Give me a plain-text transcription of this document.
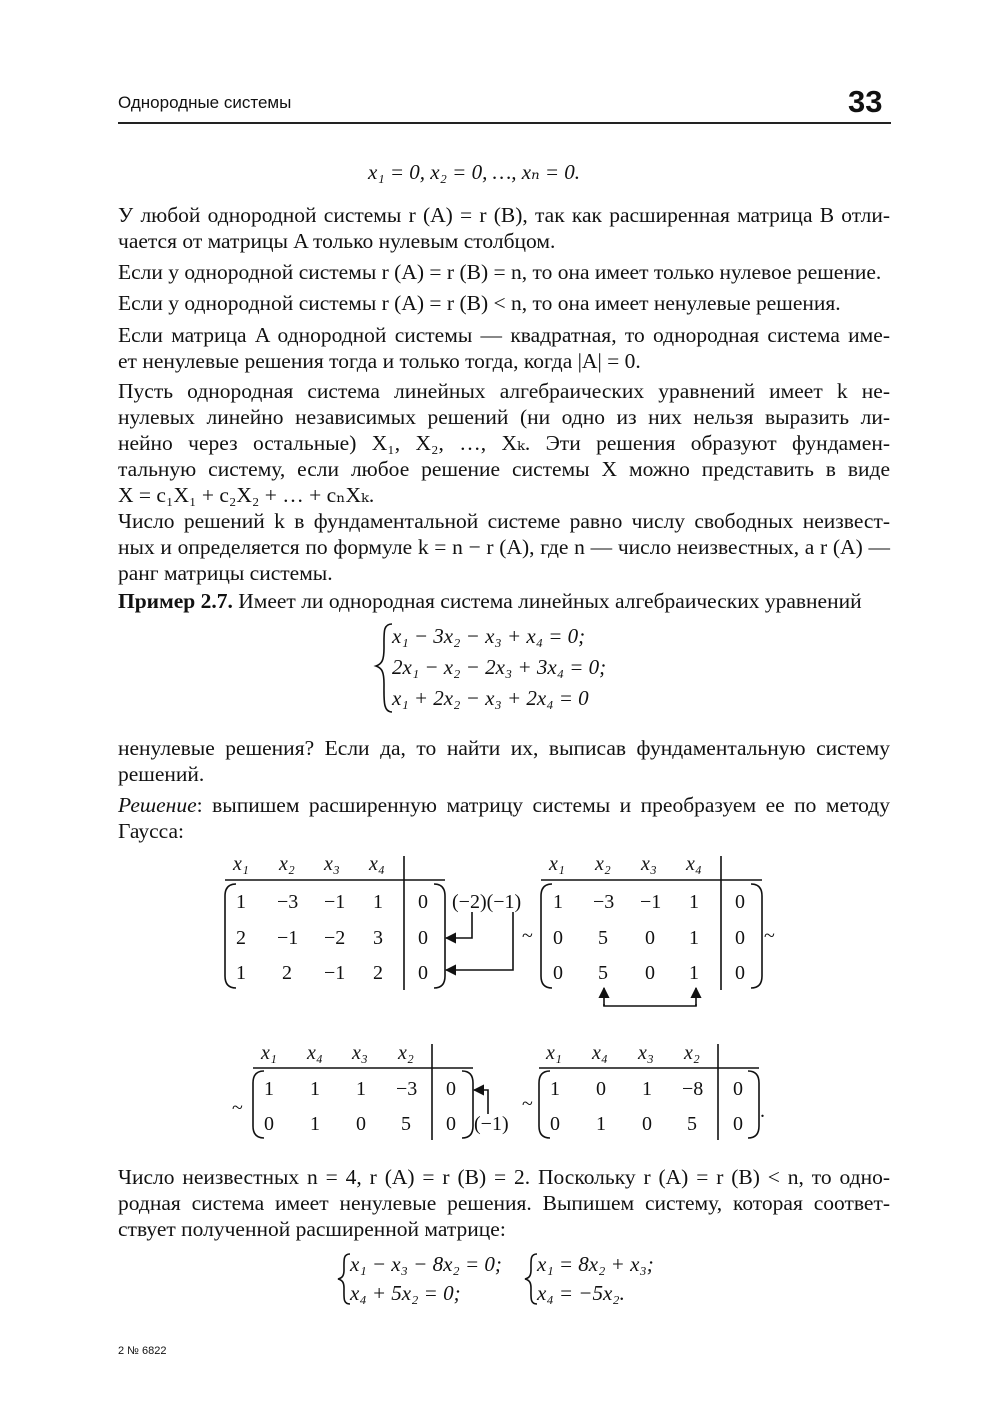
Однородные системы	33
x₁ = 0, x₂ = 0, …, xₙ = 0.
У любой однородной системы r (A) = r (B), так как расширенная матрица B отли-
чается от матрицы A только нулевым столбцом.
Если у однородной системы r (A) = r (B) = n, то она имеет только нулевое решение.
Если у однородной системы r (A) = r (B) < n, то она имеет ненулевые решения.
Если матрица A однородной системы — квадратная, то однородная система име-
ет ненулевые решения тогда и только тогда, когда |A| = 0.
Пусть однородная система линейных алгебраических уравнений имеет k не-
нулевых линейно независимых решений (ни одно из них нельзя выразить ли-
нейно через остальные) X₁, X₂, …, Xₖ. Эти решения образуют фундамен-
тальную систему, если любое решение системы X можно представить в виде
X = c₁X₁ + c₂X₂ + … + cₙXₖ.
Число решений k в фундаментальной системе равно числу свободных неизвест-
ных и определяется по формуле k = n − r (A), где n — число неизвестных, а r (A) —
ранг матрицы системы.
Пример 2.7. Имеет ли однородная система линейных алгебраических уравнений
x₁ − 3x₂ − x₃ + x₄ = 0;
2x₁ − x₂ − 2x₃ + 3x₄ = 0;
x₁ + 2x₂ − x₃ + 2x₄ = 0
ненулевые решения? Если да, то найти их, выписав фундаментальную систему
решений.
Решение: выпишем расширенную матрицу системы и преобразуем ее по методу
Гаусса:
x₁ x₂ x₃ x₄
1 −3 −1 1 0
2 −1 −2 3 0
1 2 −1 2 0
(−2)(−1)
~
x₁ x₂ x₃ x₄
1 −3 −1 1 0
0 5 0 1 0
0 5 0 1 0
~
~
x₁ x₄ x₃ x₂
1 1 1 −3 0
0 1 0 5 0 (−1)
~
x₁ x₄ x₃ x₂
1 0 1 −8 0
0 1 0 5 0
.
Число неизвестных n = 4, r (A) = r (B) = 2. Поскольку r (A) = r (B) < n, то одно-
родная система имеет ненулевые решения. Выпишем систему, которая соответ-
ствует полученной расширенной матрице:
x₁ − x₃ − 8x₂ = 0;
x₄ + 5x₂ = 0;
x₁ = 8x₂ + x₃;
x₄ = −5x₂.
2 № 6822
